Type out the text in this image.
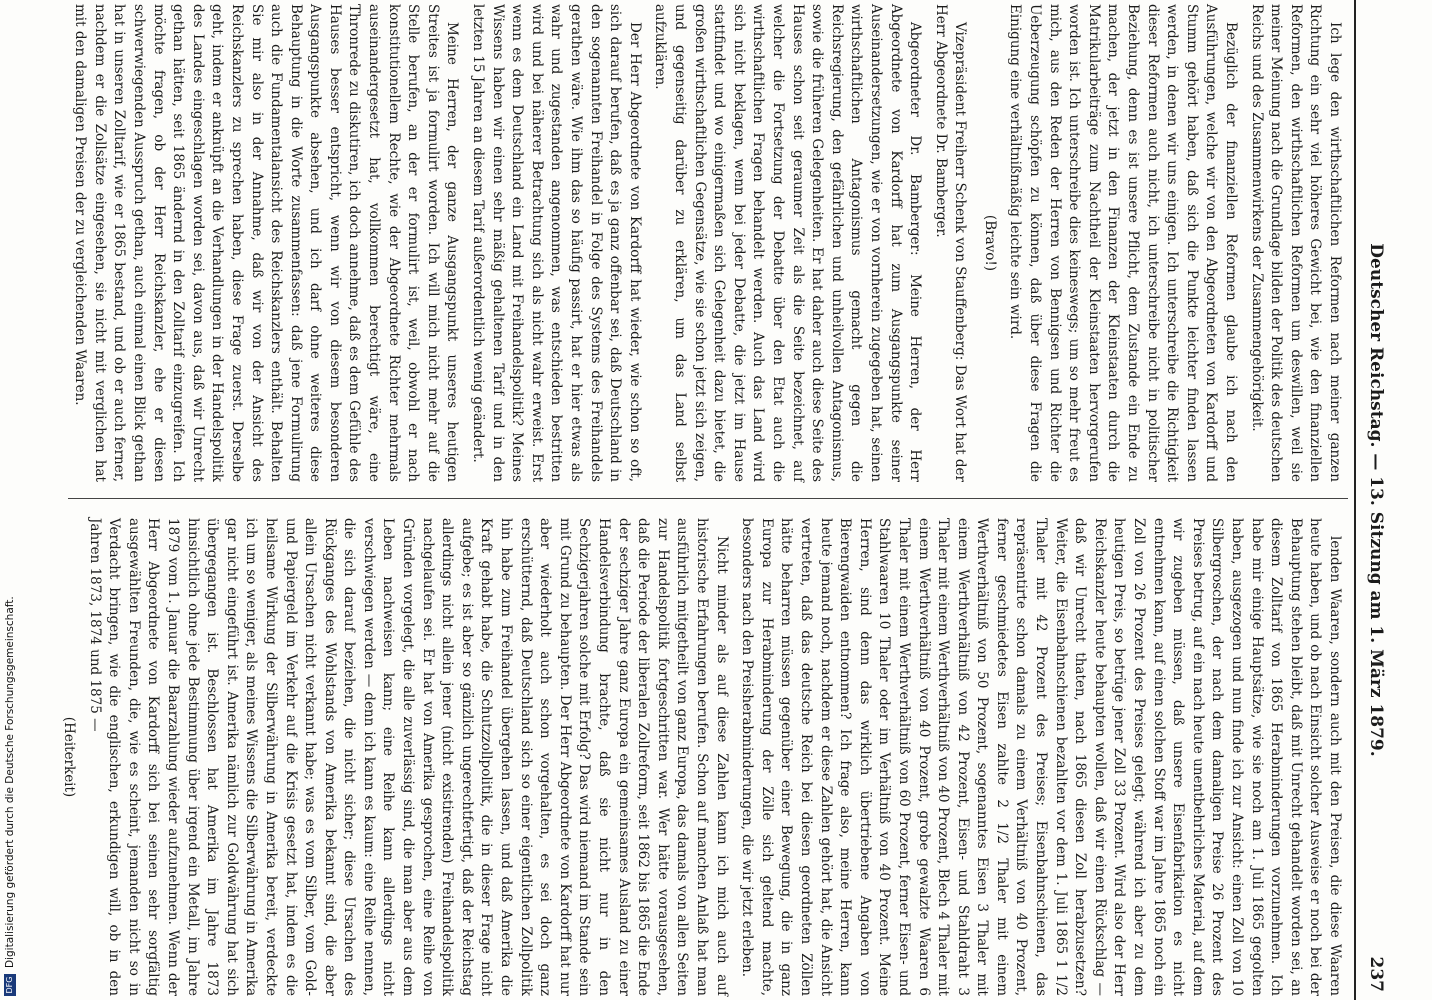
Deutscher Reichstag. — 13. Sitzung am 1. März 1879.
237

Ich lege den wirthschaftlichen Reformen nach meiner ganzen Richtung ein sehr viel höheres Gewicht bei, wie den finanziellen Reformen, den wirthschaftlichen Reformen um deswillen, weil sie meiner Meinung nach die Grundlage bilden der Politik des deutschen Reichs und des Zusammenwirkens der Zusammengehörigkeit.

Bezüglich der finanziellen Reformen glaube ich nach den Ausführungen, welche wir von den Abgeordneten von Kardorff und Stumm gehört haben, daß sich die Punkte leichter finden lassen werden, in denen wir uns einigen. Ich unterschreibe die Richtigkeit dieser Reformen auch nicht, ich unterschreibe nicht in politischer Beziehung, denn es ist unsere Pflicht, dem Zustande ein Ende zu machen, der jetzt in den Finanzen der Kleinstaaten durch die Matrikularbeiträge zum Nachtheil der Kleinstaaten hervorgerufen worden ist. Ich unterschreibe dies keineswegs; um so mehr freut es mich, aus den Reden der Herren von Bennigsen und Richter die Ueberzeugung schöpfen zu können, daß über diese Fragen die Einigung eine verhältnißmäßig leichte sein wird.

(Bravo!)

Vizepräsident Freiherr Schenk von Stauffenberg: Das Wort hat der Herr Abgeordnete Dr. Bamberger.

Abgeordneter Dr. Bamberger: Meine Herren, der Herr Abgeordnete von Kardorff hat zum Ausgangspunkte seiner Auseinandersetzungen, wie er von vornherein zugegeben hat, seinen wirthschaftlichen Antagonismus gemacht gegen die Reichsregierung, den gefährlichen und unheilvollen Antagonismus, sowie die früheren Gelegenheiten. Er hat daher auch diese Seite des Hauses schon seit geraumer Zeit als die Seite bezeichnet, auf welcher die Fortsetzung der Debatte über den Etat auch die wirthschaftlichen Fragen behandelt werden. Auch das Land wird sich nicht beklagen, wenn bei jeder Debatte, die jetzt im Hause stattfindet und wo einigermaßen sich Gelegenheit dazu bietet, die großen wirthschaftlichen Gegensätze, wie sie schon jetzt sich zeigen, und gegenseitig darüber zu erklären, um das Land selbst aufzuklären.

Der Herr Abgeordnete von Kardorff hat wieder, wie schon so oft, sich darauf berufen, daß es ja ganz offenbar sei, daß Deutschland in den sogenannten Freihandel in Folge des Systems des Freihandels gerathen wäre. Wie ihm das so häufig passirt, hat er hier etwas als wahr und zugestanden angenommen, was entschieden bestritten wird und bei näherer Betrachtung sich als nicht wahr erweist. Erst wenn es dem Deutschland ein Land mit Freihandelspolitik? Meines Wissens haben wir einen sehr mäßig gehaltenen Tarif und in den letzten 15 Jahren an diesem Tarif außerordentlich wenig geändert.

Meine Herren, der ganze Ausgangspunkt unseres heutigen Streites ist ja formulirt worden. Ich will mich nicht mehr auf die Stelle berufen, an der er formulirt ist, weil, obwohl er nach konstitutionellem Rechte, wie der Abgeordnete Richter mehrmals auseinandergesetzt hat, vollkommen berechtigt wäre, eine Thronrede zu diskutiren, ich doch annehme, daß es dem Gefühle des Hauses besser entspricht, wenn wir von diesem besonderen Ausgangspunkte absehen, und ich darf ohne weiteres diese Behauptung in die Worte zusammenfassen: daß jene Formulirung auch die Fundamentalansicht des Reichskanzlers enthält. Behalten Sie mir also in der Annahme, daß wir von der Ansicht des Reichskanzlers zu sprechen haben, diese Frage zuerst. Derselbe geht, indem er anknüpft an die Verhandlungen in der Handelspolitik des Landes eingeschlagen worden sei, davon aus, daß wir Unrecht gethan hätten, seit 1865 ändernd in den Zolltarif einzugreifen. Ich möchte fragen, ob der Herr Reichskanzler, ehe er diesen schwerwiegenden Ausspruch gethan, auch einmal einen Blick gethan hat in unseren Zolltarif, wie er 1865 bestand, und ob er auch ferner, nachdem er die Zollsätze eingesehen, sie nicht mit verglichen hat mit den damaligen Preisen der zu vergleichenden Waaren.

lenden Waaren, sondern auch mit den Preisen, die diese Waaren heute haben, und ob nach Einsicht solcher Ausweise er noch bei der Behauptung stehen bleibt, daß mit Unrecht gehandelt worden sei, an diesem Zolltarif von 1865 Herabminderungen vorzunehmen. Ich habe mir einige Hauptsätze, wie sie noch am 1. Juli 1865 gegolten haben, ausgezogen und nun finde ich zur Ansicht: einen Zoll von 10 Silbergroschen, der nach dem damaligen Preise 26 Prozent des Preises betrug, auf ein nach heute unentbehrliches Material, auf dem wir zugeben müssen, daß unsere Eisenfabrikation es nicht entnehmen kann, auf einen solchen Stoff war im Jahre 1865 noch ein Zoll von 26 Prozent des Preises gelegt; während ich aber zu dem heutigen Preis, so betrüge jener Zoll 33 Prozent. Wird also der Herr Reichskanzler heute behaupten wollen, daß wir einen Rückschlag — daß wir Unrecht thaten, nach 1865 diesen Zoll herabzusetzen? Weiter, die Eisenbahnschienen bezahlten vor dem 1. Juli 1865 1 1/2 Thaler mit 42 Prozent des Preises; Eisenbahnschienen, das repräsentirte schon damals zu einem Verhältniß von 40 Prozent, ferner geschmiedetes Eisen zahlte 2 1/2 Thaler mit einem Werthverhältniß von 50 Prozent, sogenanntes Eisen 3 Thaler mit einem Werthverhältniß von 42 Prozent, Eisen- und Stahldraht 3 Thaler mit einem Werthverhältniß von 40 Prozent, Blech 4 Thaler mit einem Werthverhältniß von 40 Prozent, grobe gewalzte Waaren 6 Thaler mit einem Werthverhältniß von 60 Prozent, ferner Eisen- und Stahlwaaren 10 Thaler oder im Verhältniß von 40 Prozent. Meine Herren, sind denn das wirklich übertriebene Angaben von Bierengwaiden entnommen? Ich frage also, meine Herren, kann heute jemand noch, nachdem er diese Zahlen gehört hat, die Ansicht vertreten, daß das deutsche Reich bei diesen geordneten Zöllen hätte beharren müssen gegenüber einer Bewegung, die in ganz Europa zur Herabminderung der Zölle sich geltend machte, besonders nach den Preisherabminderungen, die wir jetzt erleben.

Nicht minder als auf diese Zahlen kann ich mich auch auf historische Erfahrungen berufen. Schon auf manchen Anlaß hat man ausführlich mitgetheilt von ganz Europa, das damals von allen Seiten zur Handelspolitik fortgeschritten war. Wer hätte vorausgesehen, daß die Periode der liberalen Zollreform, seit 1862 bis 1865 die Ende der sechziger Jahre ganz Europa ein gemeinsames Ausland zu einer Handelsverbindung brachte, daß sie nicht nur in den Sechzigerjahren solche mit Erfolg? Das wird niemand im Stande sein mit Grund zu behaupten. Der Herr Abgeordnete von Kardorff hat nur aber wiederholt auch schon vorgehalten, es sei doch ganz erschütternd, daß Deutschland sich so einer eigentlichen Zollpolitik hin habe zum Freihandel übergehen lassen, und daß Amerika die Kraft gehabt habe, die Schutzzollpolitik, die in dieser Frage nicht aufgebe; es ist aber so gänzlich ungerechtfertigt, daß der Reichstag allerdings nicht allein jener (nicht existirenden) Freihandelspolitik nachgelaufen sei. Er hat von Amerika gesprochen, eine Reihe von Gründen vorgelegt, die alle zuverlässig sind, die man aber aus dem Leben nachweisen kann; eine Reihe kann allerdings nicht verschwiegen werden — denn ich kann es kaum: eine Reihe nennen, die sich darauf beziehen, die nicht sicher; diese Ursachen des Rückganges des Wohlstands von Amerika bekannt sind, die aber allein Ursachen nicht verkannt habe; was es vom Silber, vom Gold- und Papiergeld im Verkehr auf die Krisis gesetzt hat, indem es die heilsame Wirkung der Silberwährung in Amerika bereit, verdeckte ich um so weniger, als meines Wissens die Silberwährung in Amerika gar nicht eingeführt ist. Amerika nämlich zur Goldwährung hat sich übergegangen ist. Beschlossen hat Amerika im Jahre 1873 hinsichtlich ohne jede Bestimmung über irgend ein Metall, im Jahre 1879 vom 1. Januar die Baarzahlung wieder aufzunehmen. Wenn der Herr Abgeordnete von Kardorff sich bei seinen sehr sorgfältig ausgewählten Freunden, die, wie es scheint, jemanden nicht so in Verdacht bringen, wie die englischen, erkundigen will, ob in den Jahren 1873, 1874 und 1875 —

(Heiterkeit)

DFGDigitalisierung gefördert durch die Deutsche Forschungsgemeinschaft.
